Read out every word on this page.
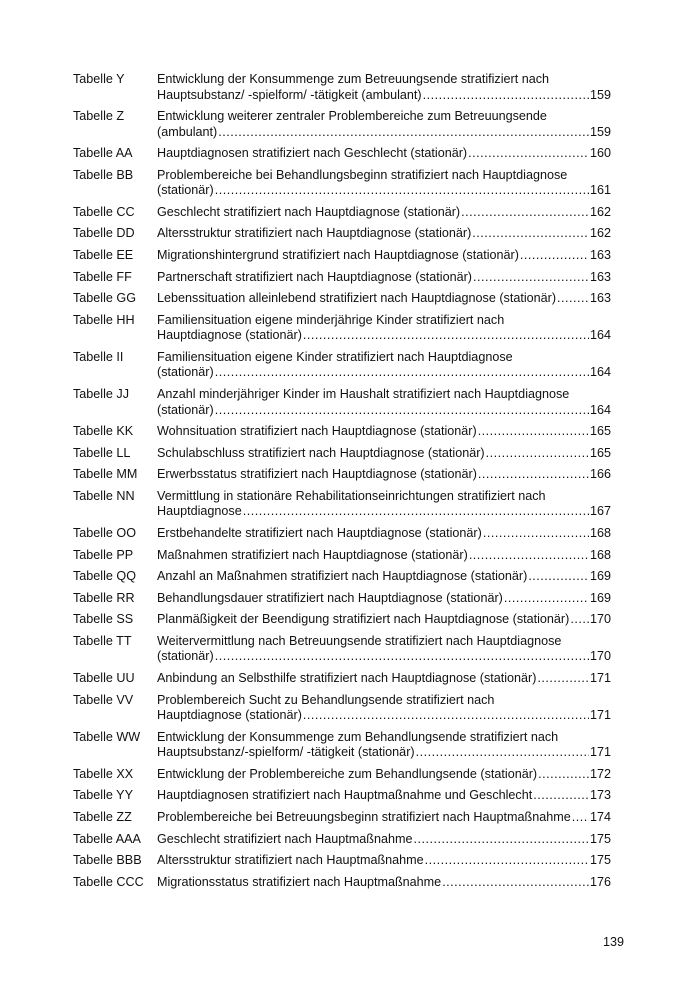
Tabelle Y	Entwicklung der Konsummenge zum Betreuungsende stratifiziert nach
Hauptsubstanz/ -spielform/ -tätigkeit (ambulant) .....	159
Tabelle Z	Entwicklung weiterer zentraler Problembereiche zum Betreuungsende
(ambulant) .....	159
Tabelle AA	Hauptdiagnosen stratifiziert nach Geschlecht (stationär) .....	160
Tabelle BB	Problembereiche bei Behandlungsbeginn stratifiziert nach Hauptdiagnose
(stationär) .....	161
Tabelle CC	Geschlecht stratifiziert nach Hauptdiagnose (stationär) .....	162
Tabelle DD	Altersstruktur stratifiziert nach Hauptdiagnose (stationär) .....	162
Tabelle EE	Migrationshintergrund stratifiziert nach Hauptdiagnose (stationär) .....	163
Tabelle FF	Partnerschaft stratifiziert nach Hauptdiagnose (stationär) .....	163
Tabelle GG	Lebenssituation alleinlebend stratifiziert nach Hauptdiagnose (stationär) .....	163
Tabelle HH	Familiensituation eigene minderjährige Kinder stratifiziert nach
Hauptdiagnose (stationär) .....	164
Tabelle II	Familiensituation eigene Kinder stratifiziert nach Hauptdiagnose
(stationär) .....	164
Tabelle JJ	Anzahl minderjähriger Kinder im Haushalt stratifiziert nach Hauptdiagnose
(stationär) .....	164
Tabelle KK	Wohnsituation stratifiziert nach Hauptdiagnose (stationär) .....	165
Tabelle LL	Schulabschluss stratifiziert nach Hauptdiagnose (stationär) .....	165
Tabelle MM	Erwerbsstatus stratifiziert nach Hauptdiagnose (stationär) .....	166
Tabelle NN	Vermittlung in stationäre Rehabilitationseinrichtungen stratifiziert nach
Hauptdiagnose .....	167
Tabelle OO	Erstbehandelte stratifiziert nach Hauptdiagnose (stationär) .....	168
Tabelle PP	Maßnahmen stratifiziert nach Hauptdiagnose (stationär) .....	168
Tabelle QQ	Anzahl an Maßnahmen stratifiziert nach Hauptdiagnose (stationär) .....	169
Tabelle RR	Behandlungsdauer stratifiziert nach Hauptdiagnose (stationär) .....	169
Tabelle SS	Planmäßigkeit der Beendigung stratifiziert nach Hauptdiagnose (stationär) ..... 170
Tabelle TT	Weitervermittlung nach Betreuungsende stratifiziert nach Hauptdiagnose
(stationär) .....	170
Tabelle UU	Anbindung an Selbsthilfe stratifiziert nach Hauptdiagnose (stationär) .....	171
Tabelle VV	Problembereich Sucht zu Behandlungsende stratifiziert nach
Hauptdiagnose (stationär) .....	171
Tabelle WW	Entwicklung der Konsummenge zum Behandlungsende stratifiziert nach
Hauptsubstanz/-spielform/ -tätigkeit (stationär) .....	171
Tabelle XX	Entwicklung der Problembereiche zum Behandlungsende (stationär) .....	172
Tabelle YY	Hauptdiagnosen stratifiziert nach Hauptmaßnahme und Geschlecht .....	173
Tabelle ZZ	Problembereiche bei Betreuungsbeginn stratifiziert nach Hauptmaßnahme ..... 174
Tabelle AAA	Geschlecht stratifiziert nach Hauptmaßnahme .....	175
Tabelle BBB	Altersstruktur stratifiziert nach Hauptmaßnahme .....	175
Tabelle CCC	Migrationsstatus stratifiziert nach Hauptmaßnahme .....	176
139
